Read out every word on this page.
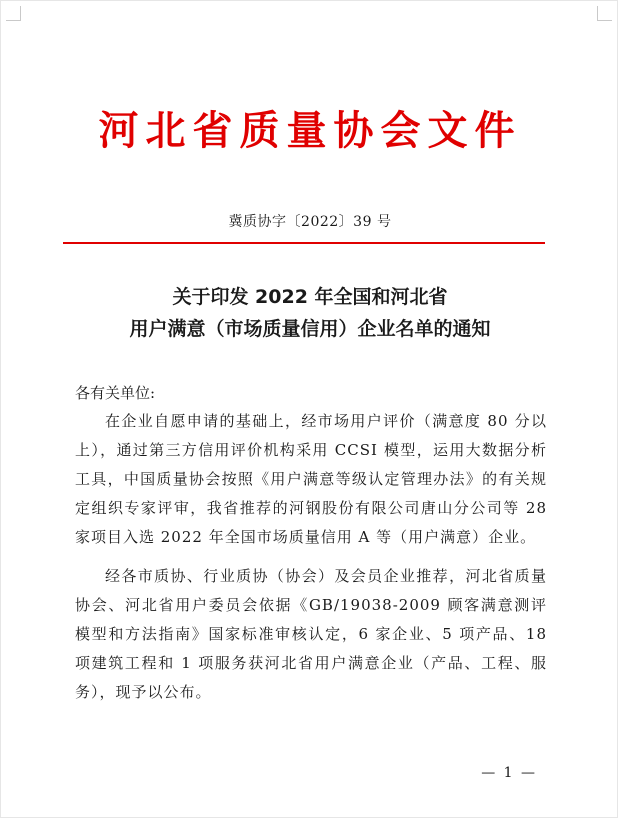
河北省质量协会文件
冀质协字〔2022〕39 号
关于印发 2022 年全国和河北省
用户满意（市场质量信用）企业名单的通知
各有关单位:

在企业自愿申请的基础上，经市场用户评价（满意度 80 分以上），通过第三方信用评价机构采用 CCSI 模型，运用大数据分析工具，中国质量协会按照《用户满意等级认定管理办法》的有关规定组织专家评审，我省推荐的河钢股份有限公司唐山分公司等 28 家项目入选 2022 年全国市场质量信用 A 等（用户满意）企业。

经各市质协、行业质协（协会）及会员企业推荐，河北省质量协会、河北省用户委员会依据《GB/19038-2009 顾客满意测评模型和方法指南》国家标准审核认定，6 家企业、5 项产品、18 项建筑工程和 1 项服务获河北省用户满意企业（产品、工程、服务），现予以公布。

— 1 —
